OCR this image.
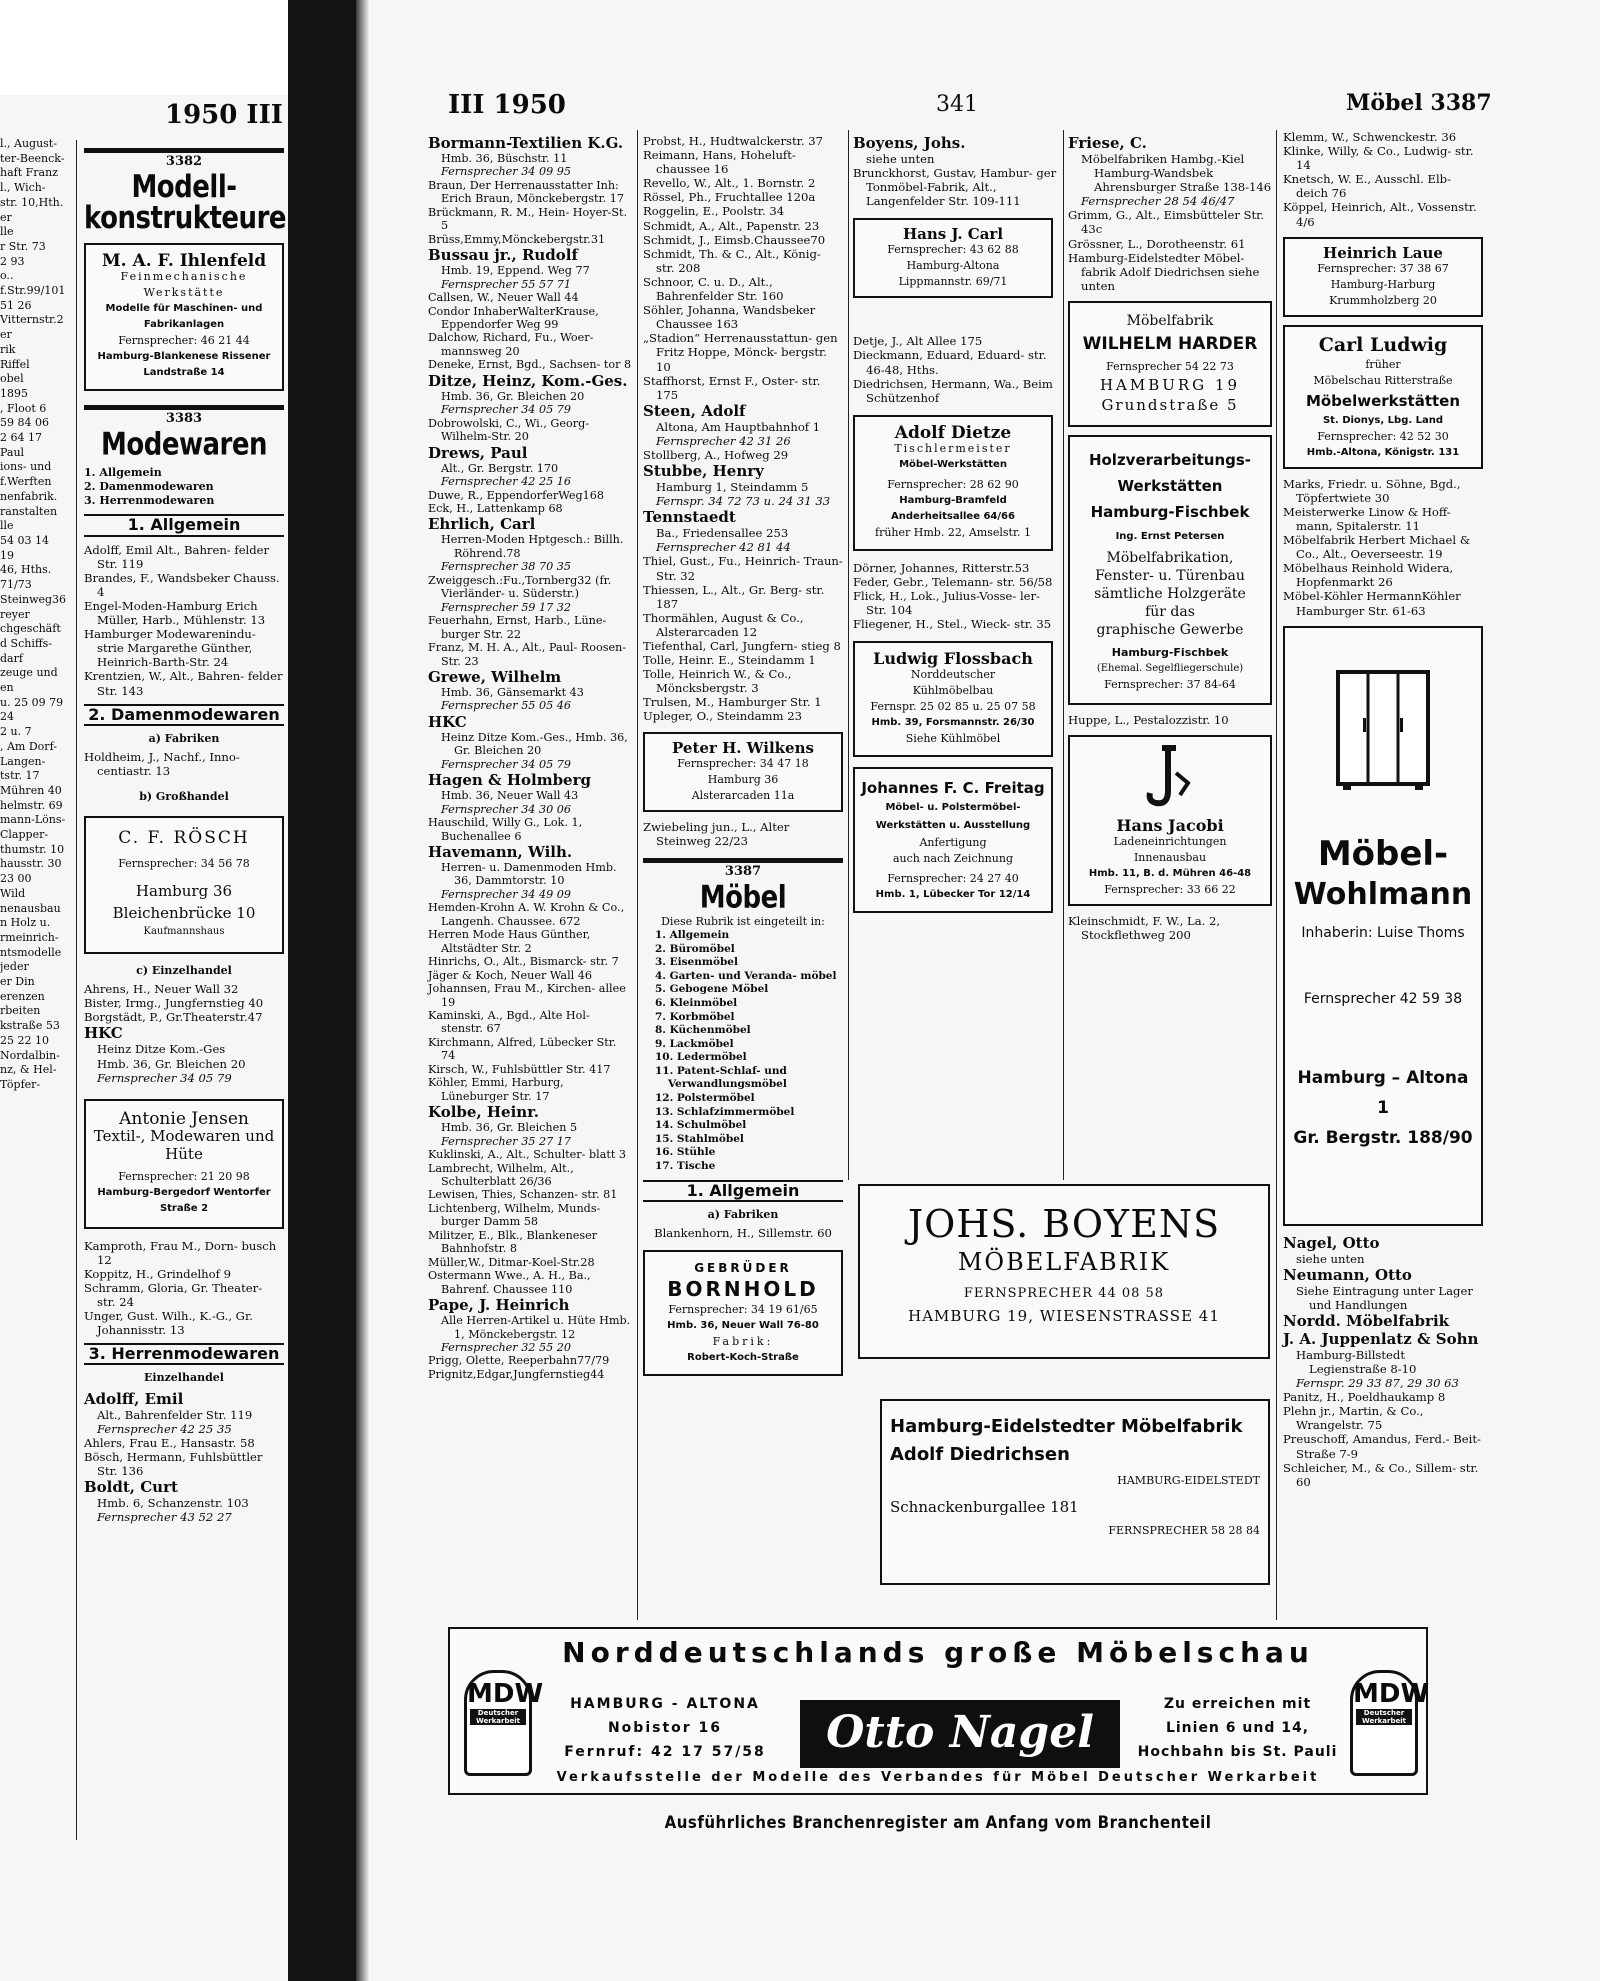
1950 III

l., August-

ter-Beenck-

haft Franz

l., Wich-

str. 10,Hth.

er

lle

r Str. 73

2 93

o..

f.Str.99/101

51 26

Vitternstr.2

er

rik

Riffel

obel

1895

, Floot 6

59 84 06

2 64 17

Paul

ions- und

f.Werften

nenfabrik.

ranstalten

lle

54 03 14

19

46, Hths.

71/73

Steinweg36

reyer

chgeschäft

d Schiffs-

darf

zeuge und

en

u. 25 09 79

24

2 u. 7

, Am Dorf-

Langen-

tstr. 17

Mühren 40

helmstr. 69

mann-Löns-

Clapper-

thumstr. 10

hausstr. 30

23 00

Wild

nenausbau

n Holz u.

rmeinrich-

ntsmodelle

jeder

er Din

erenzen

rbeiten

kstraße 53

25 22 10

Nordalbin-

nz, & Hel-

Töpfer-

3382
Modell-konstrukteure
M. A. F. Ihlenfeld
Feinmechanische Werkstätte
Modelle für Maschinen- und Fabrikanlagen
Fernsprecher: 46 21 44
Hamburg-Blankenese Rissener Landstraße 14
3383
Modewaren

1. Allgemein

2. Damenmodewaren

3. Herrenmodewaren

1. Allgemein

Adolff, Emil Alt., Bahren- felder Str. 119

Brandes, F., Wandsbeker Chauss. 4

Engel-Moden-Hamburg Erich Müller, Harb., Mühlenstr. 13

Hamburger Modewarenindu- strie Margarethe Günther, Heinrich-Barth-Str. 24

Krentzien, W., Alt., Bahren- felder Str. 143

2. Damenmodewaren
a) Fabriken

Holdheim, J., Nachf., Inno- centiastr. 13

b) Großhandel
C. F. RÖSCH
Fernsprecher: 34 56 78
Hamburg 36
Bleichenbrücke 10
Kaufmannshaus
c) Einzelhandel

Ahrens, H., Neuer Wall 32

Bister, Irmg., Jungfernstieg 40

Borgstädt, P., Gr.Theaterstr.47

HKC

Heinz Ditze Kom.-Ges

Hmb. 36, Gr. Bleichen 20

Fernsprecher 34 05 79

Antonie Jensen
Textil-, Modewaren und Hüte
Fernsprecher: 21 20 98
Hamburg-Bergedorf Wentorfer Straße 2

Kamproth, Frau M., Dorn- busch 12

Koppitz, H., Grindelhof 9

Schramm, Gloria, Gr. Theater- str. 24

Unger, Gust. Wilh., K.-G., Gr. Johannisstr. 13

3. Herrenmodewaren
Einzelhandel

Adolff, Emil

Alt., Bahrenfelder Str. 119

Fernsprecher 42 25 35

Ahlers, Frau E., Hansastr. 58

Bösch, Hermann, Fuhlsbüttler Str. 136

Boldt, Curt

Hmb. 6, Schanzenstr. 103

Fernsprecher 43 52 27

III 1950	341	Möbel 3387

Bormann-Textilien K.G.

Hmb. 36, Büschstr. 11

Fernsprecher 34 09 95

Braun, Der Herrenausstatter Inh: Erich Braun, Mönckebergstr. 17

Brückmann, R. M., Hein- Hoyer-St. 5

Brüss,Emmy,Mönckebergstr.31

Bussau jr., Rudolf

Hmb. 19, Eppend. Weg 77

Fernsprecher 55 57 71

Callsen, W., Neuer Wall 44

Condor InhaberWalterKrause, Eppendorfer Weg 99

Dalchow, Richard, Fu., Woer- mannsweg 20

Deneke, Ernst, Bgd., Sachsen- tor 8

Ditze, Heinz, Kom.-Ges.

Hmb. 36, Gr. Bleichen 20

Fernsprecher 34 05 79

Dobrowolski, C., Wi., Georg- Wilhelm-Str. 20

Drews, Paul

Alt., Gr. Bergstr. 170

Fernsprecher 42 25 16

Duwe, R., EppendorferWeg168

Eck, H., Lattenkamp 68

Ehrlich, Carl

Herren-Moden Hptgesch.: Billh. Röhrend.78

Fernsprecher 38 70 35

Zweiggesch.:Fu.,Tornberg32 (fr. Vierländer- u. Süderstr.)

Fernsprecher 59 17 32

Feuerhahn, Ernst, Harb., Lüne- burger Str. 22

Franz, M. H. A., Alt., Paul- Roosen-Str. 23

Grewe, Wilhelm

Hmb. 36, Gänsemarkt 43

Fernsprecher 55 05 46

HKC

Heinz Ditze Kom.-Ges., Hmb. 36, Gr. Bleichen 20

Fernsprecher 34 05 79

Hagen & Holmberg

Hmb. 36, Neuer Wall 43

Fernsprecher 34 30 06

Hauschild, Willy G., Lok. 1, Buchenallee 6

Havemann, Wilh.

Herren- u. Damenmoden Hmb. 36, Dammtorstr. 10

Fernsprecher 34 49 09

Hemden-Krohn A. W. Krohn & Co., Langenh. Chaussee. 672

Herren Mode Haus Günther, Altstädter Str. 2

Hinrichs, O., Alt., Bismarck- str. 7

Jäger & Koch, Neuer Wall 46

Johannsen, Frau M., Kirchen- allee 19

Kaminski, A., Bgd., Alte Hol- stenstr. 67

Kirchmann, Alfred, Lübecker Str. 74

Kirsch, W., Fuhlsbüttler Str. 417

Köhler, Emmi, Harburg, Lüneburger Str. 17

Kolbe, Heinr.

Hmb. 36, Gr. Bleichen 5

Fernsprecher 35 27 17

Kuklinski, A., Alt., Schulter- blatt 3

Lambrecht, Wilhelm, Alt., Schulterblatt 26/36

Lewisen, Thies, Schanzen- str. 81

Lichtenberg, Wilhelm, Munds- burger Damm 58

Militzer, E., Blk., Blankeneser Bahnhofstr. 8

Müller,W., Ditmar-Koel-Str.28

Ostermann Wwe., A. H., Ba., Bahrenf. Chaussee 110

Pape, J. Heinrich

Alle Herren-Artikel u. Hüte Hmb. 1, Mönckebergstr. 12

Fernsprecher 32 55 20

Prigg, Olette, Reeperbahn77/79

Prignitz,Edgar,Jungfernstieg44

Probst, H., Hudtwalckerstr. 37

Reimann, Hans, Hoheluft- chaussee 16

Revello, W., Alt., 1. Bornstr. 2

Rössel, Ph., Fruchtallee 120a

Roggelin, E., Poolstr. 34

Schmidt, A., Alt., Papenstr. 23

Schmidt, J., Eimsb.Chaussee70

Schmidt, Th. & C., Alt., König- str. 208

Schnoor, C. u. D., Alt., Bahrenfelder Str. 160

Söhler, Johanna, Wandsbeker Chaussee 163

„Stadion“ Herrenausstattun- gen Fritz Hoppe, Mönck- bergstr. 10

Staffhorst, Ernst F., Oster- str. 175

Steen, Adolf

Altona, Am Hauptbahnhof 1

Fernsprecher 42 31 26

Stollberg, A., Hofweg 29

Stubbe, Henry

Hamburg 1, Steindamm 5

Fernspr. 34 72 73 u. 24 31 33

Tennstaedt

Ba., Friedensallee 253

Fernsprecher 42 81 44

Thiel, Gust., Fu., Heinrich- Traun-Str. 32

Thiessen, L., Alt., Gr. Berg- str. 187

Thormählen, August & Co., Alsterarcaden 12

Tiefenthal, Carl, Jungfern- stieg 8

Tolle, Heinr. E., Steindamm 1

Tolle, Heinrich W., & Co., Möncksbergstr. 3

Trulsen, M., Hamburger Str. 1

Upleger, O., Steindamm 23

Peter H. Wilkens
Fernsprecher: 34 47 18
Hamburg 36
Alsterarcaden 11a

Zwiebeling jun., L., Alter Steinweg 22/23

3387
Möbel
Diese Rubrik ist eingeteilt in:

1. Allgemein

2. Büromöbel

3. Eisenmöbel

4. Garten- und Veranda- möbel

5. Gebogene Möbel

6. Kleinmöbel

7. Korbmöbel

8. Küchenmöbel

9. Lackmöbel

10. Ledermöbel

11. Patent-Schlaf- und Verwandlungsmöbel

12. Polstermöbel

13. Schlafzimmermöbel

14. Schulmöbel

15. Stahlmöbel

16. Stühle

17. Tische

1. Allgemein
a) Fabriken
Blankenhorn, H., Sillemstr. 60
GEBRÜDER
BORNHOLD
Fernsprecher: 34 19 61/65
Hmb. 36, Neuer Wall 76-80
Fabrik:
Robert-Koch-Straße

Boyens, Johs.

siehe unten

Brunckhorst, Gustav, Hambur- ger Tonmöbel-Fabrik, Alt., Langenfelder Str. 109-111

Hans J. Carl
Fernsprecher: 43 62 88
Hamburg-Altona
Lippmannstr. 69/71

Detje, J., Alt Allee 175

Dieckmann, Eduard, Eduard- str. 46-48, Hths.

Diedrichsen, Hermann, Wa., Beim Schützenhof

Adolf Dietze
Tischlermeister
Möbel-Werkstätten
Fernsprecher: 28 62 90
Hamburg-Bramfeld
Anderheitsallee 64/66
früher Hmb. 22, Amselstr. 1

Dörner, Johannes, Ritterstr.53

Feder, Gebr., Telemann- str. 56/58

Flick, H., Lok., Julius-Vosse- ler-Str. 104

Fliegener, H., Stel., Wieck- str. 35

Ludwig Flossbach
Norddeutscher
Kühlmöbelbau
Fernspr. 25 02 85 u. 25 07 58
Hmb. 39, Forsmannstr. 26/30
Siehe Kühlmöbel
Johannes F. C. Freitag
Möbel- u. Polstermöbel- Werkstätten u. Ausstellung
Anfertigung
auch nach Zeichnung
Fernsprecher: 24 27 40
Hmb. 1, Lübecker Tor 12/14

Friese, C.

Möbelfabriken Hambg.-Kiel Hamburg-Wandsbek Ahrensburger Straße 138-146

Fernsprecher 28 54 46/47

Grimm, G., Alt., Eimsbütteler Str. 43c

Grössner, L., Dorotheenstr. 61

Hamburg-Eidelstedter Möbel- fabrik Adolf Diedrichsen siehe unten

Möbelfabrik
WILHELM HARDER
Fernsprecher 54 22 73
HAMBURG 19
Grundstraße 5
Holzverarbeitungs-
Werkstätten
Hamburg-Fischbek
Ing. Ernst Petersen
Möbelfabrikation,
Fenster- u. Türenbau
sämtliche Holzgeräte
für das
graphische Gewerbe
Hamburg-Fischbek
(Ehemal. Segelfliegerschule)
Fernsprecher: 37 84-64

Huppe, L., Pestalozzistr. 10

Hans Jacobi
Ladeneinrichtungen
Innenausbau
Hmb. 11, B. d. Mühren 46-48
Fernsprecher: 33 66 22

Kleinschmidt, F. W., La. 2, Stockflethweg 200

Klemm, W., Schwenckestr. 36

Klinke, Willy, & Co., Ludwig- str. 14

Knetsch, W. E., Ausschl. Elb- deich 76

Köppel, Heinrich, Alt., Vossenstr. 4/6

Heinrich Laue
Fernsprecher: 37 38 67
Hamburg-Harburg
Krummholzberg 20
Carl Ludwig
früher
Möbelschau Ritterstraße
Möbelwerkstätten
St. Dionys, Lbg. Land
Fernsprecher: 42 52 30
Hmb.-Altona, Königstr. 131

Marks, Friedr. u. Söhne, Bgd., Töpfertwiete 30

Meisterwerke Linow & Hoff- mann, Spitalerstr. 11

Möbelfabrik Herbert Michael & Co., Alt., Oeverseestr. 19

Möbelhaus Reinhold Widera, Hopfenmarkt 26

Möbel-Köhler HermannKöhler Hamburger Str. 61-63

Möbel-
Wohlmann
Inhaberin: Luise Thoms
Fernsprecher 42 59 38
Hamburg – Altona 1
Gr. Bergstr. 188/90

Nagel, Otto

siehe unten

Neumann, Otto

Siehe Eintragung unter Lager und Handlungen

Nordd. Möbelfabrik

J. A. Juppenlatz & Sohn

Hamburg-Billstedt Legienstraße 8-10

Fernspr. 29 33 87, 29 30 63

Panitz, H., Poeldhaukamp 8

Plehn jr., Martin, & Co., Wrangelstr. 75

Preuschoff, Amandus, Ferd.- Beit-Straße 7-9

Schleicher, M., & Co., Sillem- str. 60

JOHS. BOYENS
MÖBELFABRIK
FERNSPRECHER 44 08 58
HAMBURG 19, WIESENSTRASSE 41
Hamburg-Eidelstedter Möbelfabrik
Adolf Diedrichsen
HAMBURG-EIDELSTEDT
Schnackenburgallee 181
FERNSPRECHER 58 28 84
Norddeutschlands große Möbelschau
MDW
Deutscher Werkarbeit
MDW
Deutscher Werkarbeit
HAMBURG - ALTONA
Nobistor 16
Fernruf: 42 17 57/58	Otto Nagel
Zu erreichen mit
Linien 6 und 14,
Hochbahn bis St. Pauli
Verkaufsstelle der Modelle des Verbandes für Möbel Deutscher Werkarbeit
Ausführliches Branchenregister am Anfang vom Branchenteil
